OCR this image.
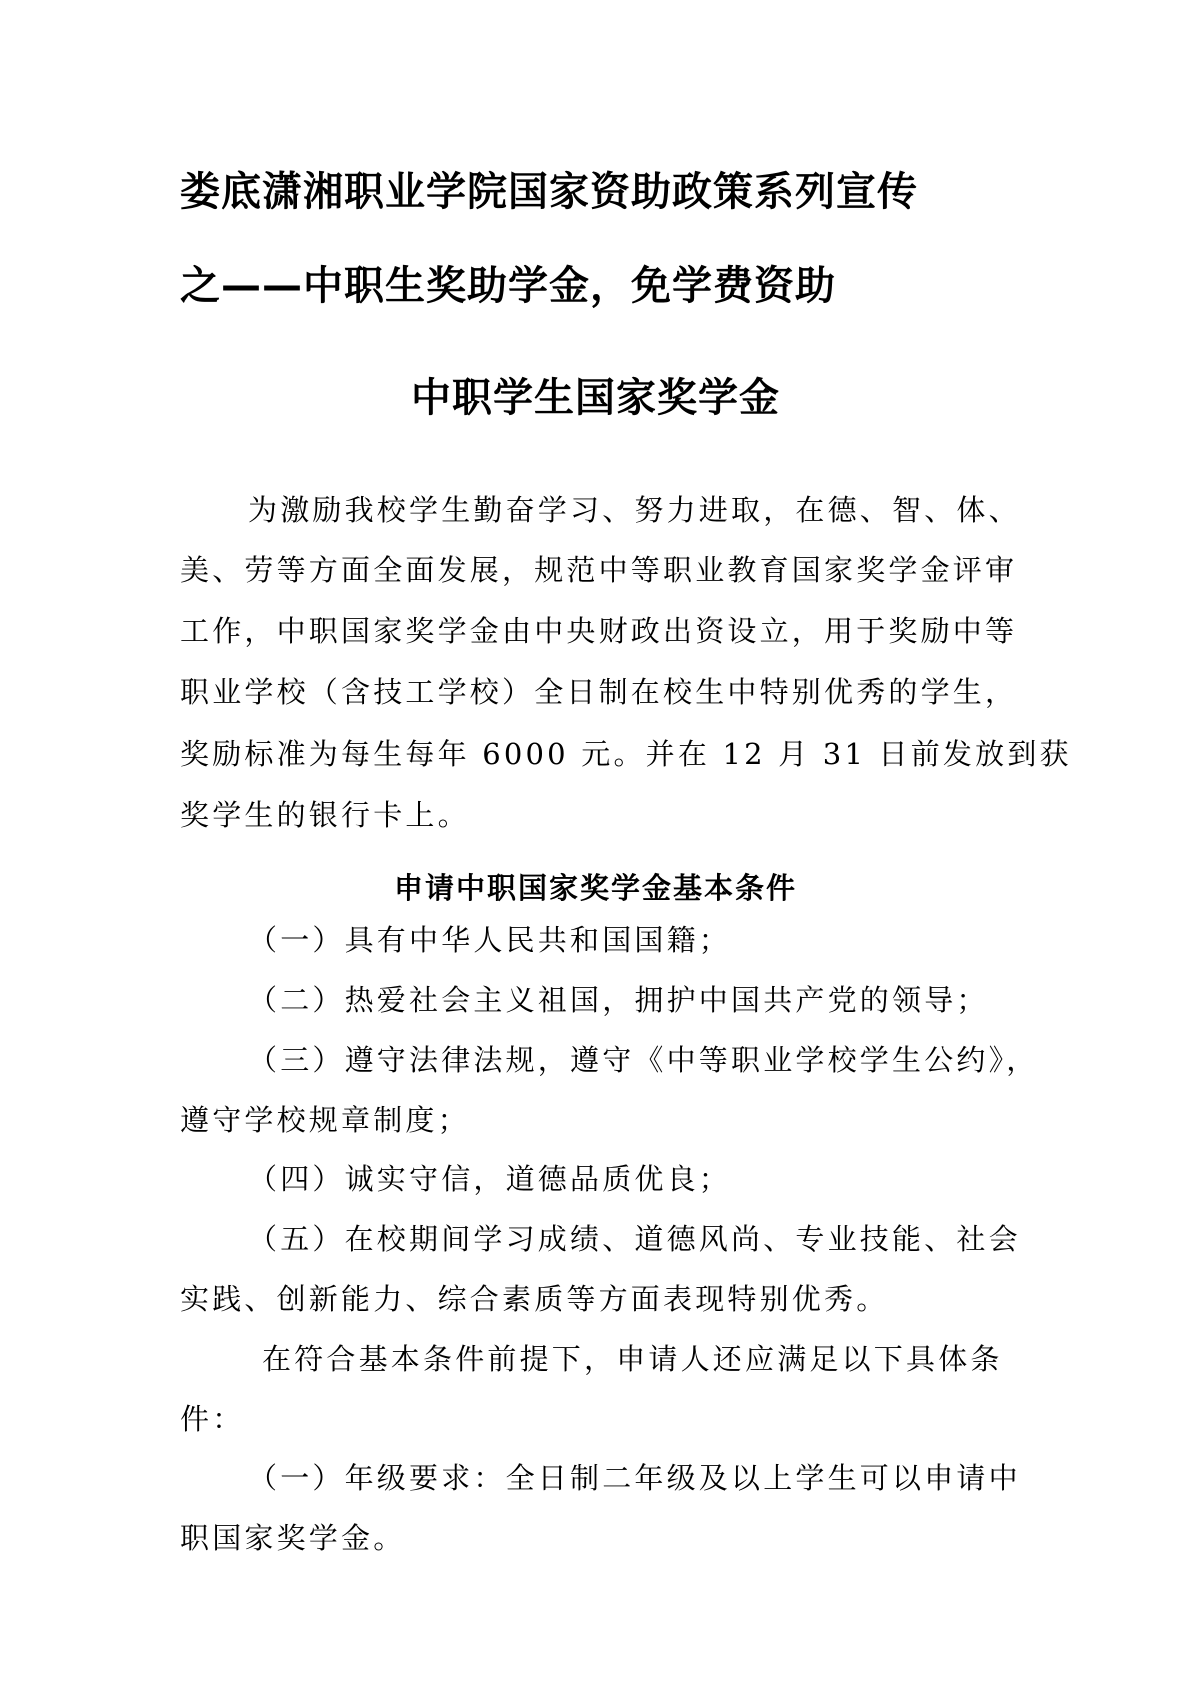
娄底潇湘职业学院国家资助政策系列宣传
之——中职生奖助学金，免学费资助
中职学生国家奖学金
为激励我校学生勤奋学习、努力进取，在德、智、体、
美、劳等方面全面发展，规范中等职业教育国家奖学金评审
工作，中职国家奖学金由中央财政出资设立，用于奖励中等
职业学校（含技工学校）全日制在校生中特别优秀的学生，
奖励标准为每生每年 6000 元。并在 12 月 31 日前发放到获
奖学生的银行卡上。
申请中职国家奖学金基本条件
（一）具有中华人民共和国国籍；
（二）热爱社会主义祖国，拥护中国共产党的领导；
（三）遵守法律法规，遵守《中等职业学校学生公约》，
遵守学校规章制度；
（四）诚实守信，道德品质优良；
（五）在校期间学习成绩、道德风尚、专业技能、社会
实践、创新能力、综合素质等方面表现特别优秀。
在符合基本条件前提下，申请人还应满足以下具体条
件：
（一）年级要求：全日制二年级及以上学生可以申请中
职国家奖学金。
